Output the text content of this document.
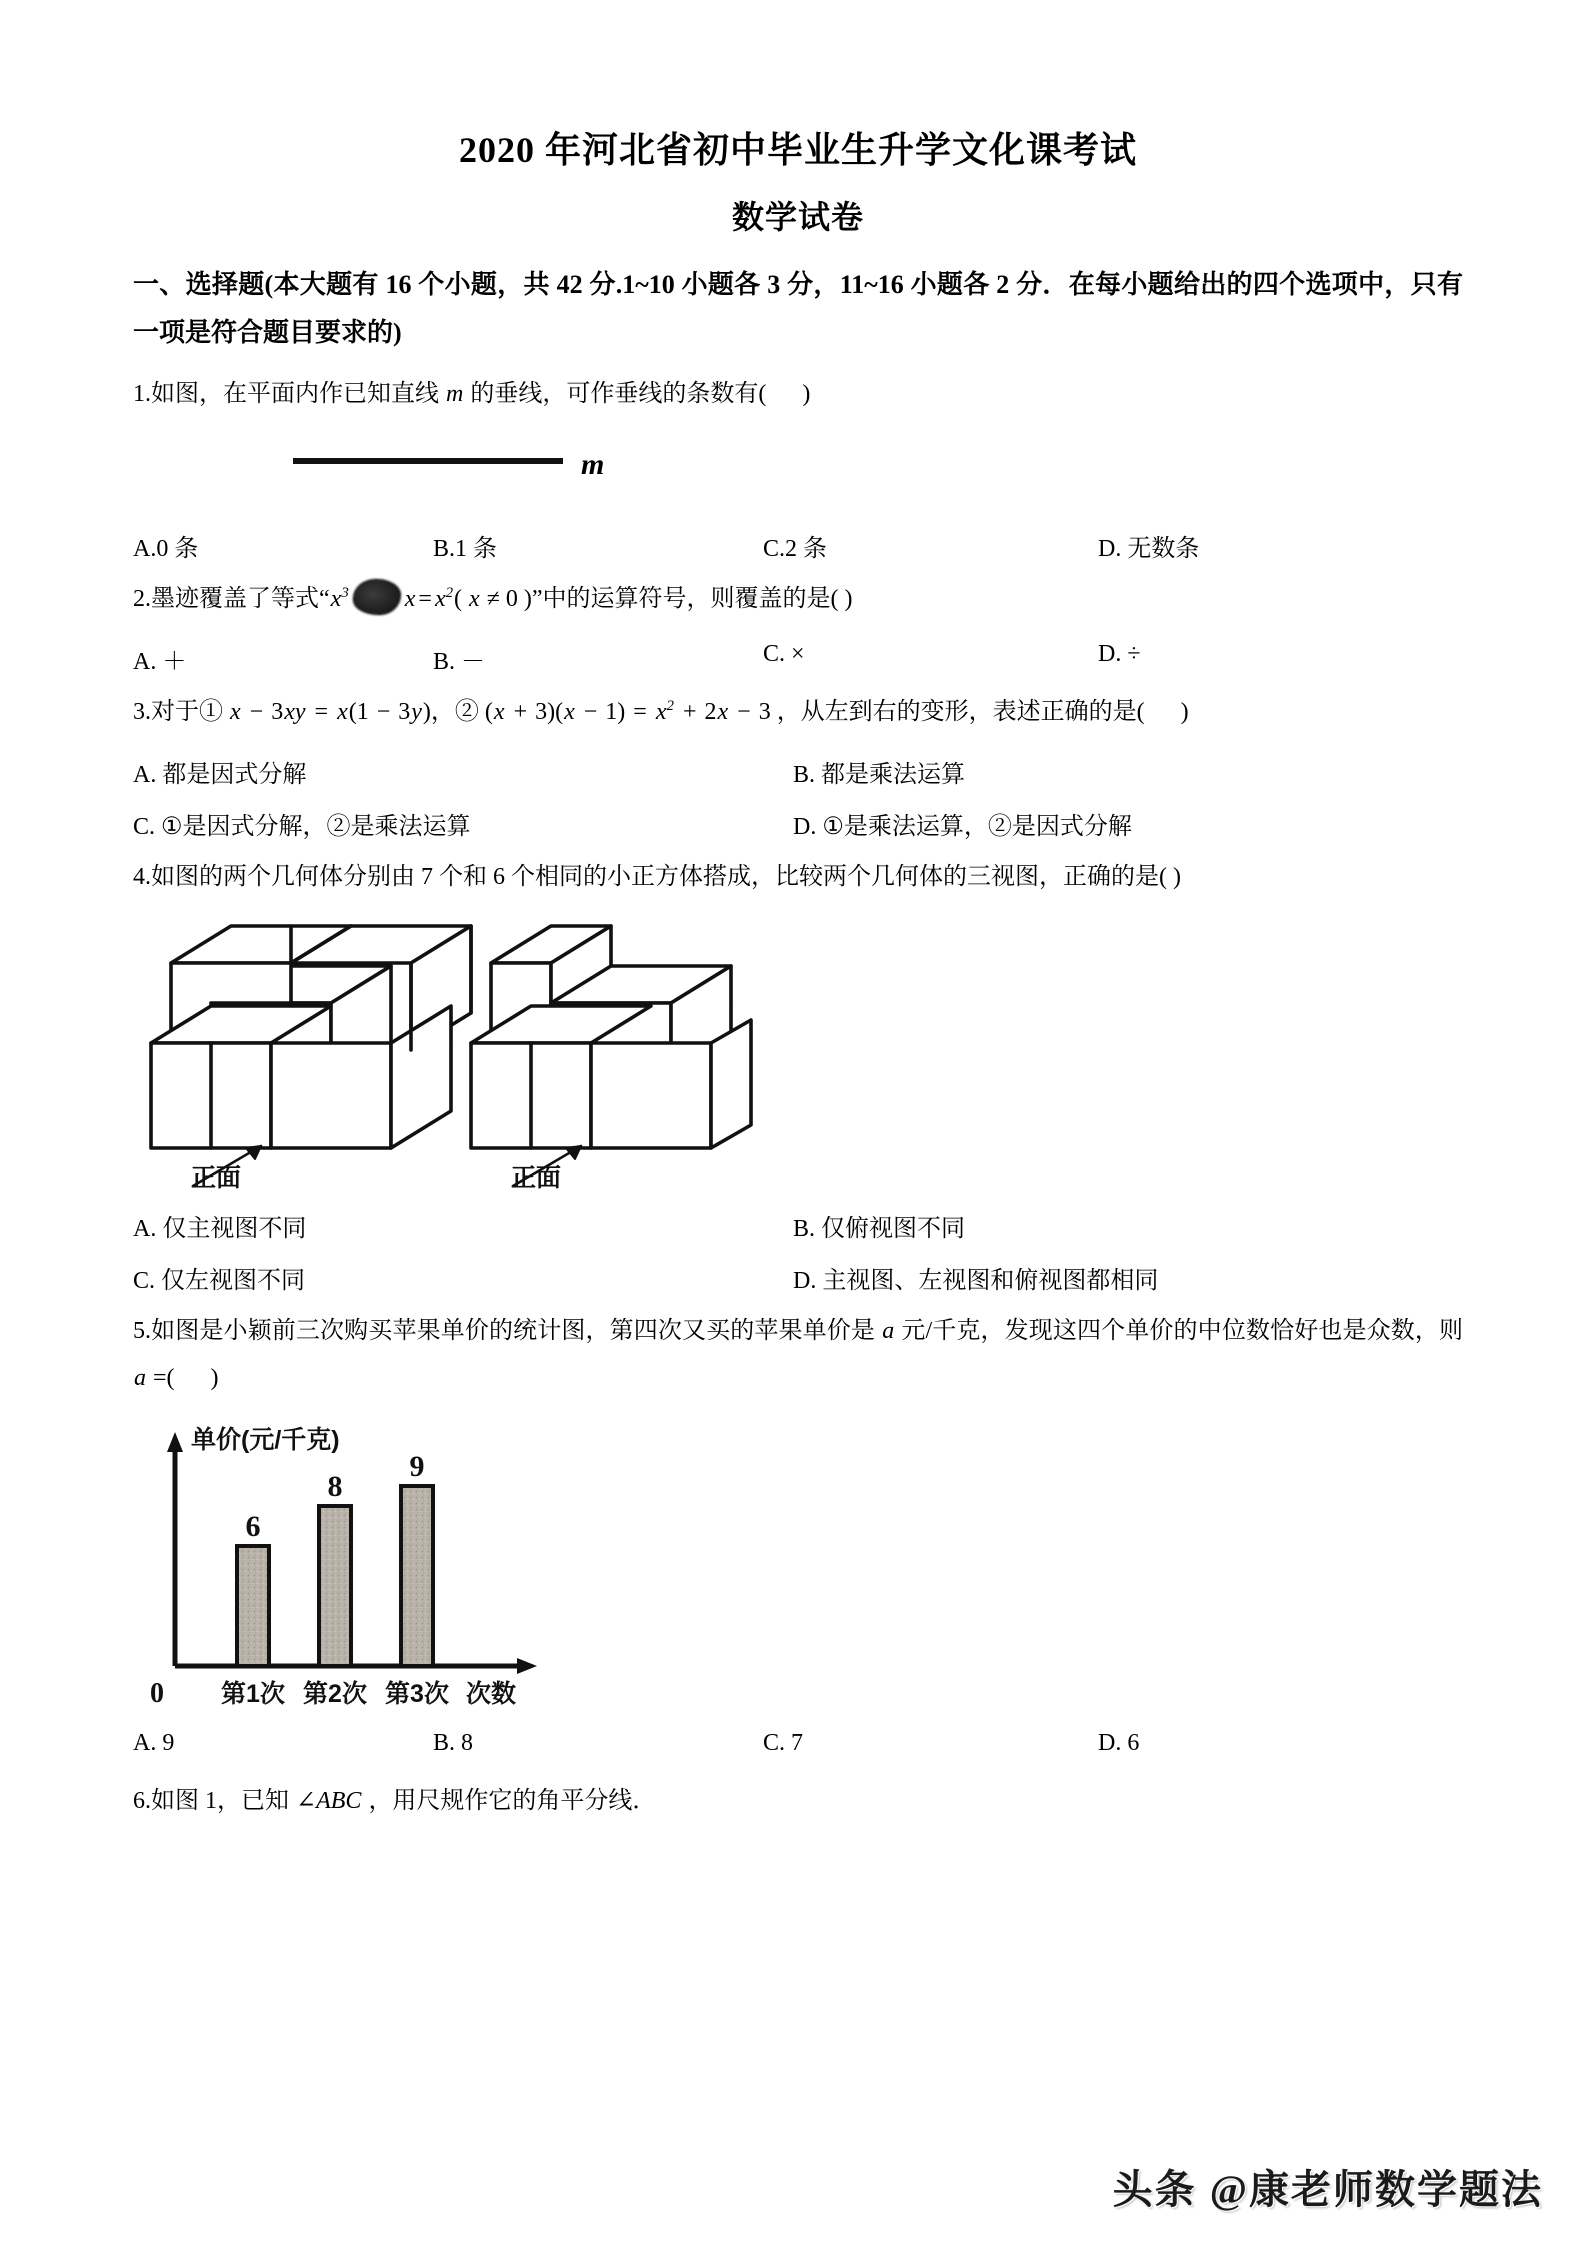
2020 年河北省初中毕业生升学文化课考试
数学试卷
一、选择题(本大题有 16 个小题，共 42 分.1~10 小题各 3 分，11~16 小题各 2 分．在每小题给出的四个选项中，只有一项是符合题目要求的)
1.如图，在平面内作已知直线 m 的垂线，可作垂线的条数有(      )
m
A.0 条	B.1 条	C.2 条	D. 无数条
2.墨迹覆盖了等式“$x^3$ $x = x^2$( x ≠ 0 )”中的运算符号，则覆盖的是( )
A. ＋	B. －	C. ×	D. ÷
3.对于① x − 3xy = x(1 − 3y)，② $(x + 3)(x - 1) = x^2 + 2x - 3$ ，从左到右的变形，表述正确的是(      )
A. 都是因式分解	B. 都是乘法运算
C. ①是因式分解，②是乘法运算	D. ①是乘法运算，②是因式分解
4.如图的两个几何体分别由 7 个和 6 个相同的小正方体搭成，比较两个几何体的三视图，正确的是( )
正面	正面
A. 仅主视图不同	B. 仅俯视图不同
C. 仅左视图不同	D. 主视图、左视图和俯视图都相同
5.如图是小颖前三次购买苹果单价的统计图，第四次又买的苹果单价是 a 元/千克，发现这四个单价的中位数恰好也是众数，则 a =(      )
6
8
9
单价(元/千克)
0 第1次 第2次 第3次 次数
A. 9	B. 8	C. 7	D. 6
6.如图 1，已知 ∠ABC ，用尺规作它的角平分线．
头条 @康老师数学题法
